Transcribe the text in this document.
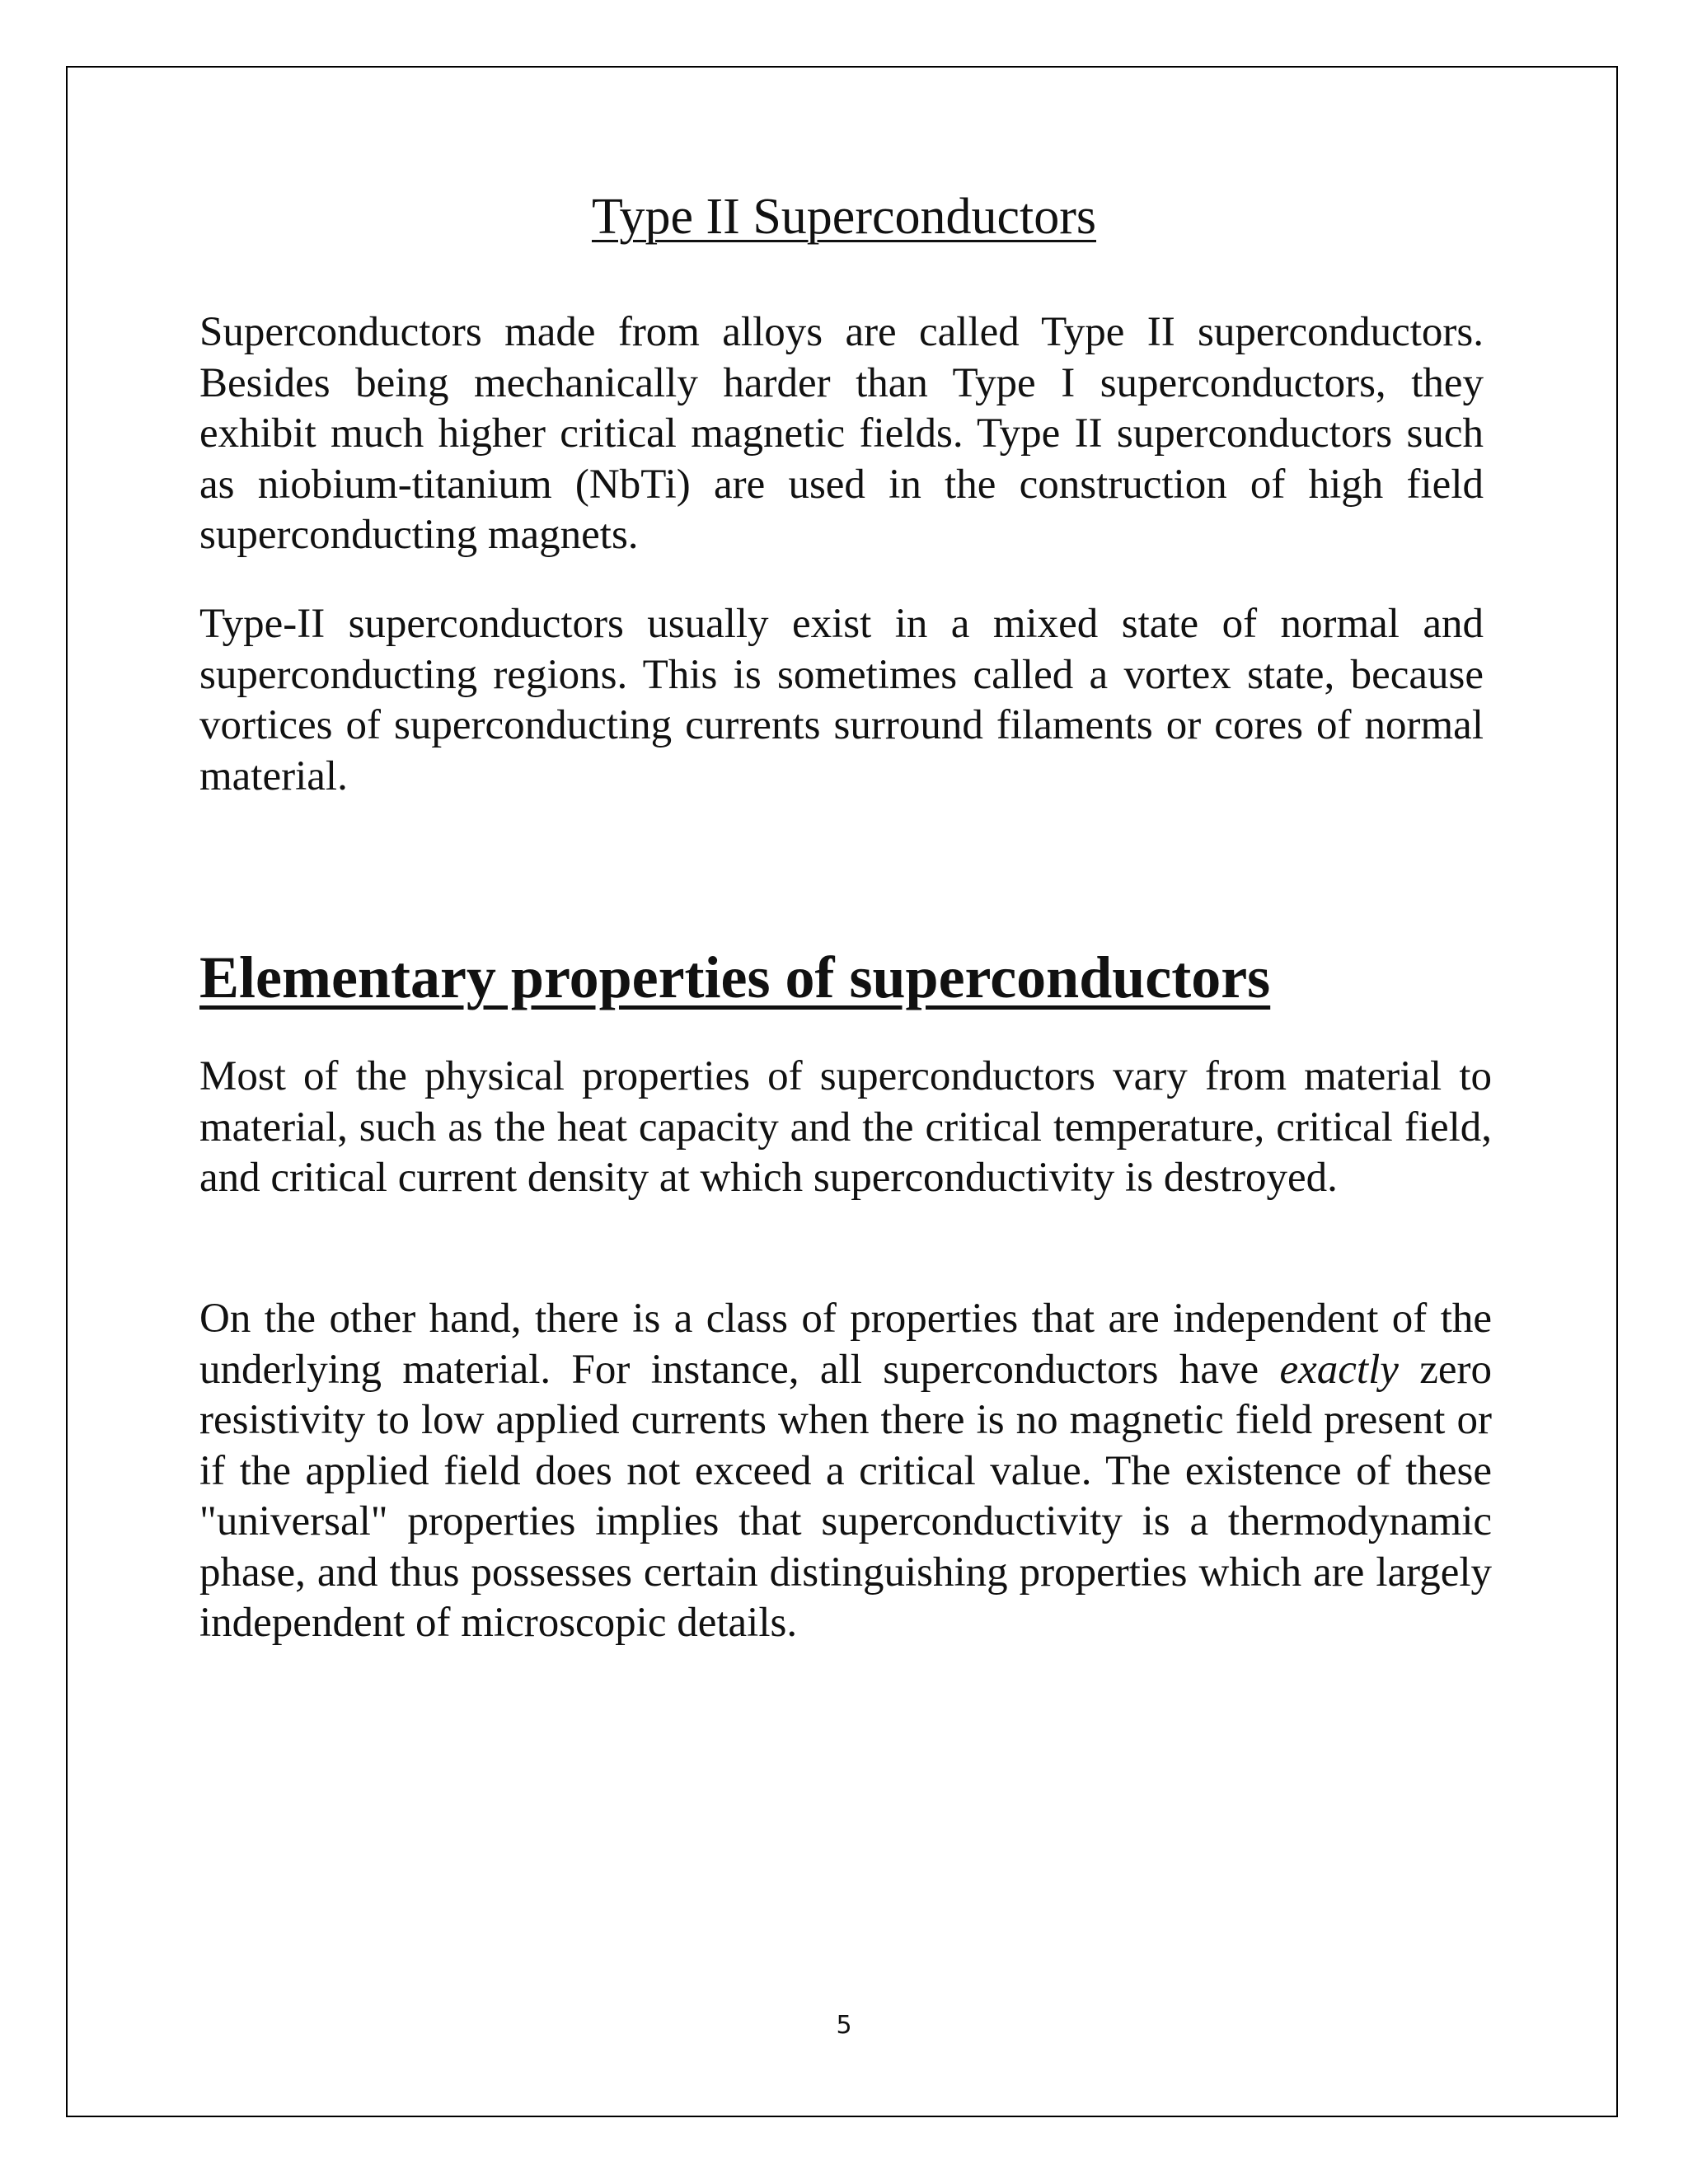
Type II Superconductors

Superconductors made from alloys are called Type II superconductors. Besides being mechanically harder than Type I superconductors, they exhibit much higher critical magnetic fields. Type II superconductors such as niobium-titanium (NbTi) are used in the construction of high field superconducting magnets.

Type-II superconductors usually exist in a mixed state of normal and superconducting regions. This is sometimes called a vortex state, because vortices of superconducting currents surround filaments or cores of normal material.

Elementary properties of superconductors

Most of the physical properties of superconductors vary from material to material, such as the heat capacity and the critical temperature, critical field, and critical current density at which superconductivity is destroyed.

On the other hand, there is a class of properties that are independent of the underlying material. For instance, all superconductors have exactly zero resistivity to low applied currents when there is no magnetic field present or if the applied field does not exceed a critical value. The existence of these "universal" properties implies that superconductivity is a thermodynamic phase, and thus possesses certain distinguishing properties which are largely independent of microscopic details.

5
